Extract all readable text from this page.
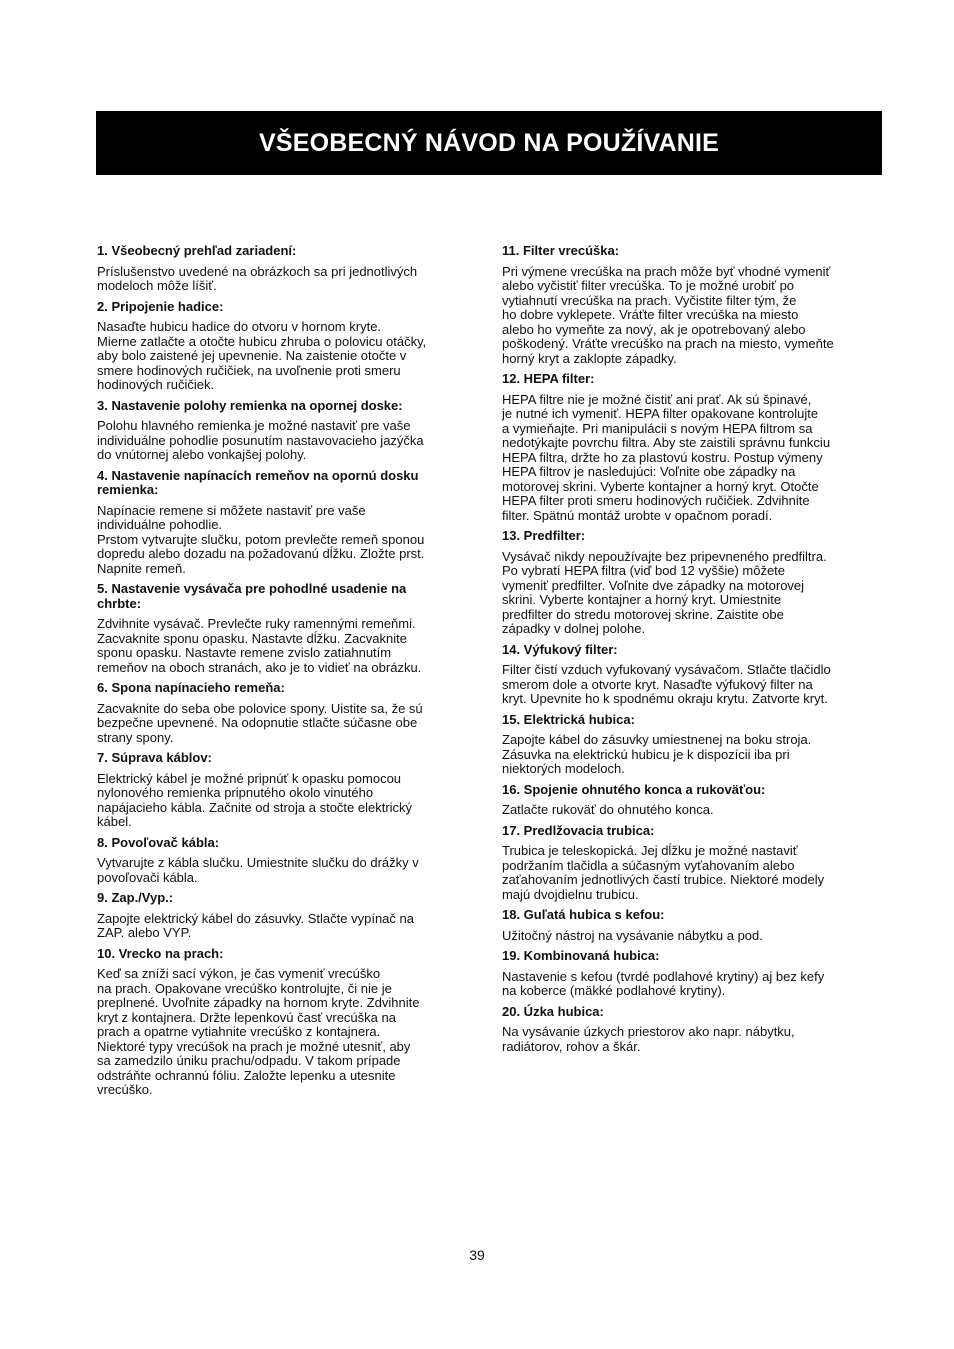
VŠEOBECNÝ NÁVOD NA POUŽÍVANIE
1. Všeobecný prehľad zariadení:

Príslušenstvo uvedené na obrázkoch sa pri jednotlivých
modeloch môže líšiť.

2. Pripojenie hadice:

Nasaďte hubicu hadice do otvoru v hornom kryte.
Mierne zatlačte a otočte hubicu zhruba o polovicu otáčky,
aby bolo zaistené jej upevnenie. Na zaistenie otočte v
smere hodinových ručičiek, na uvoľnenie proti smeru
hodinových ručičiek.

3. Nastavenie polohy remienka na opornej doske:

Polohu hlavného remienka je možné nastaviť pre vaše
individuálne pohodlie posunutím nastavovacieho jazýčka
do vnútornej alebo vonkajšej polohy.

4. Nastavenie napínacích remeňov na opornú dosku
remienka:

Napínacie remene si môžete nastaviť pre vaše
individuálne pohodlie.
Prstom vytvarujte slučku, potom prevlečte remeň sponou
dopredu alebo dozadu na požadovanú dĺžku. Zložte prst.
Napnite remeň.

5. Nastavenie vysávača pre pohodlné usadenie na
chrbte:

Zdvihnite vysávač. Prevlečte ruky ramennými remeňmi.
Zacvaknite sponu opasku. Nastavte dĺžku. Zacvaknite
sponu opasku. Nastavte remene zvislo zatiahnutím
remeňov na oboch stranách, ako je to vidieť na obrázku.

6. Spona napínacieho remeňa:

Zacvaknite do seba obe polovice spony. Uistite sa, že sú
bezpečne upevnené. Na odopnutie stlačte súčasne obe
strany spony.

7. Súprava káblov:

Elektrický kábel je možné pripnúť k opasku pomocou
nylonového remienka pripnutého okolo vinutého
napájacieho kábla. Začnite od stroja a stočte elektrický
kábel.

8. Povoľovač kábla:

Vytvarujte z kábla slučku. Umiestnite slučku do drážky v
povoľovači kábla.

9. Zap./Vyp.:

Zapojte elektrický kábel do zásuvky. Stlačte vypínač na
ZAP. alebo VYP.

10. Vrecko na prach:

Keď sa zníži sací výkon, je čas vymeniť vrecúško
na prach. Opakovane vrecúško kontrolujte, či nie je
preplnené. Uvoľnite západky na hornom kryte. Zdvihnite
kryt z kontajnera. Držte lepenkovú časť vrecúška na
prach a opatrne vytiahnite vrecúško z kontajnera.
Niektoré typy vrecúšok na prach je možné utesniť, aby
sa zamedzilo úniku prachu/odpadu. V takom prípade
odstráňte ochrannú fóliu. Založte lepenku a utesnite
vrecúško.

11. Filter vrecúška:

Pri výmene vrecúška na prach môže byť vhodné vymeniť
alebo vyčistiť filter vrecúška. To je možné urobiť po
vytiahnutí vrecúška na prach. Vyčistite filter tým, že
ho dobre vyklepete. Vráťte filter vrecúška na miesto
alebo ho vymeňte za nový, ak je opotrebovaný alebo
poškodený. Vráťte vrecúško na prach na miesto, vymeňte
horný kryt a zaklopte západky.

12. HEPA filter:

HEPA filtre nie je možné čistiť ani prať. Ak sú špinavé,
je nutné ich vymeniť. HEPA filter opakovane kontrolujte
a vymieňajte. Pri manipulácii s novým HEPA filtrom sa
nedotýkajte povrchu filtra. Aby ste zaistili správnu funkciu
HEPA filtra, držte ho za plastovú kostru. Postup výmeny
HEPA filtrov je nasledujúci: Voľnite obe západky na
motorovej skrini. Vyberte kontajner a horný kryt. Otočte
HEPA filter proti smeru hodinových ručičiek. Zdvihnite
filter. Spätnú montáž urobte v opačnom poradí.

13. Predfilter:

Vysávač nikdy nepoužívajte bez pripevneného predfiltra.
Po vybratí HEPA filtra (viď bod 12 vyššie) môžete
vymeniť predfilter. Voľnite dve západky na motorovej
skrini. Vyberte kontajner a horný kryt. Umiestnite
predfilter do stredu motorovej skrine. Zaistite obe
západky v dolnej polohe.

14. Výfukový filter:

Filter čistí vzduch vyfukovaný vysávačom. Stlačte tlačidlo
smerom dole a otvorte kryt. Nasaďte výfukový filter na
kryt. Upevnite ho k spodnému okraju krytu. Zatvorte kryt.

15. Elektrická hubica:

Zapojte kábel do zásuvky umiestnenej na boku stroja.
Zásuvka na elektrickú hubicu je k dispozícii iba pri
niektorých modeloch.

16. Spojenie ohnutého konca a rukoväťou:

Zatlačte rukoväť do ohnutého konca.

17. Predlžovacia trubica:

Trubica je teleskopická. Jej dĺžku je možné nastaviť
podržaním tlačidla a súčasným vyťahovaním alebo
zaťahovaním jednotlivých častí trubice. Niektoré modely
majú dvojdielnu trubicu.

18. Guľatá hubica s kefou:

Užitočný nástroj na vysávanie nábytku a pod.

19. Kombinovaná hubica:

Nastavenie s kefou (tvrdé podlahové krytiny) aj bez kefy
na koberce (mäkké podlahové krytiny).

20. Úzka hubica:

Na vysávanie úzkych priestorov ako napr. nábytku,
radiátorov, rohov a škár.

39
